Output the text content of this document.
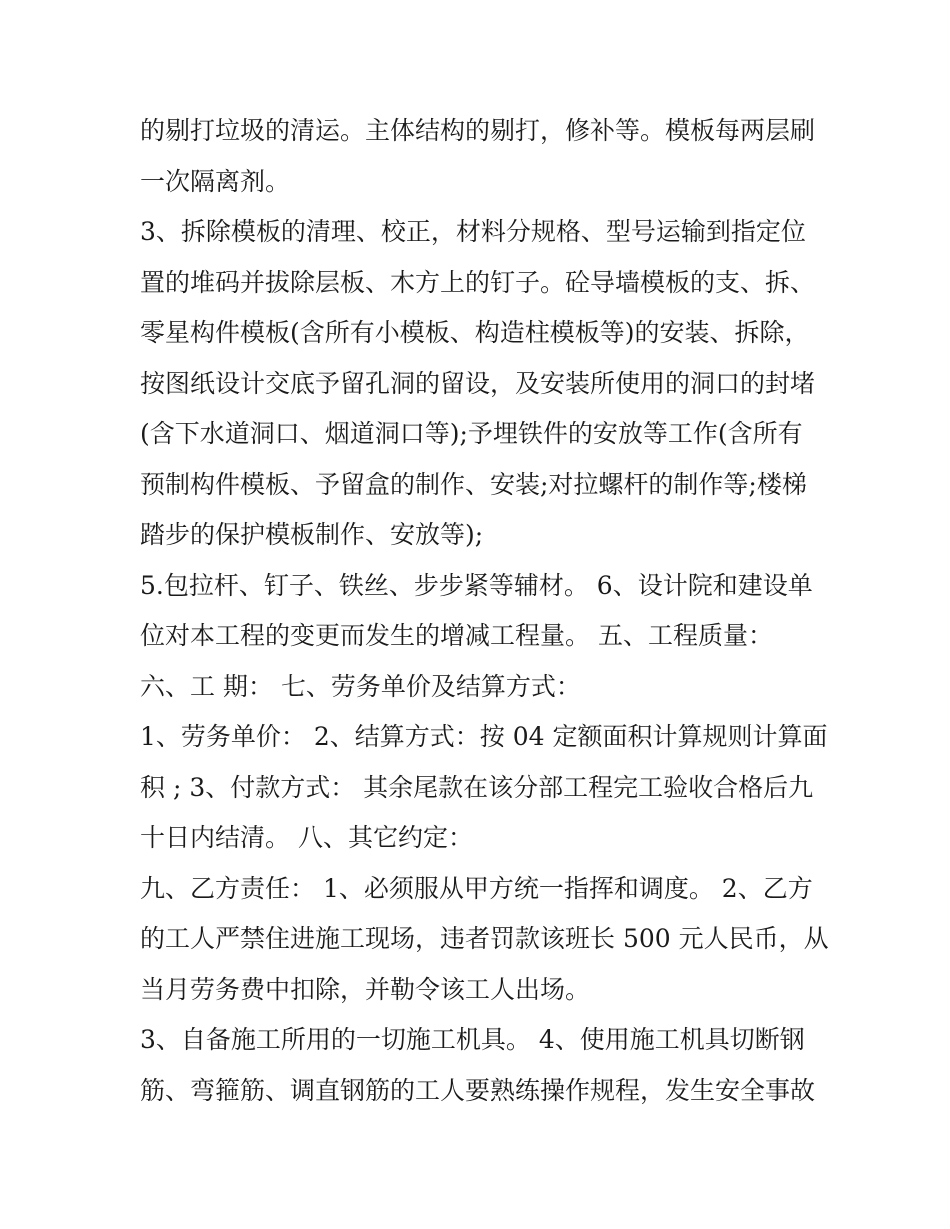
的剔打垃圾的清运。主体结构的剔打，修补等。模板每两层刷
一次隔离剂。
3、拆除模板的清理、校正，材料分规格、型号运输到指定位
置的堆码并拔除层板、木方上的钉子。砼导墙模板的支、拆、
零星构件模板(含所有小模板、构造柱模板等)的安装、拆除，
按图纸设计交底予留孔洞的留设，及安装所使用的洞口的封堵
(含下水道洞口、烟道洞口等);予埋铁件的安放等工作(含所有
预制构件模板、予留盒的制作、安装;对拉螺杆的制作等;楼梯
踏步的保护模板制作、安放等);
5.包拉杆、钉子、铁丝、步步紧等辅材。 6、设计院和建设单
位对本工程的变更而发生的增减工程量。 五、工程质量：
六、工 期： 七、劳务单价及结算方式：
1、劳务单价： 2、结算方式：按 04 定额面积计算规则计算面
积 ; 3、付款方式： 其余尾款在该分部工程完工验收合格后九
十日内结清。 八、其它约定：
九、乙方责任： 1、必须服从甲方统一指挥和调度。 2、乙方
的工人严禁住进施工现场，违者罚款该班长 500 元人民币，从
当月劳务费中扣除，并勒令该工人出场。
3、自备施工所用的一切施工机具。 4、使用施工机具切断钢
筋、弯箍筋、调直钢筋的工人要熟练操作规程，发生安全事故
